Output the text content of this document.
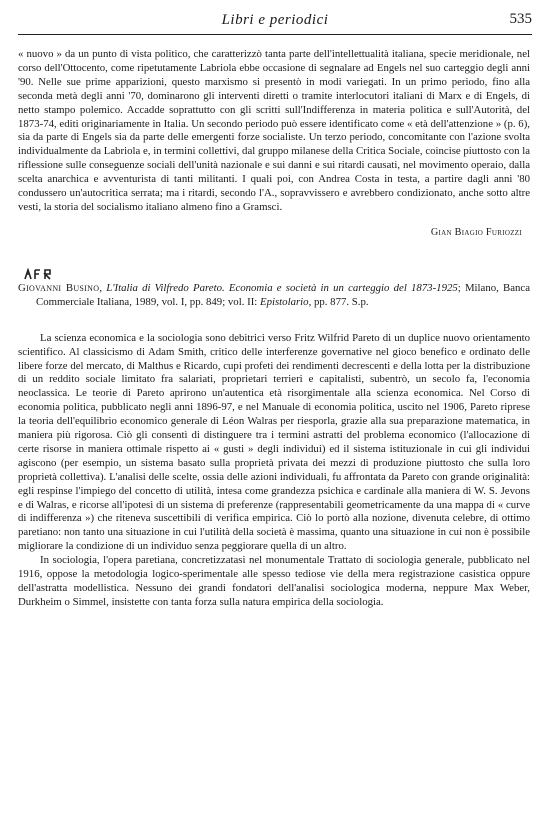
Libri e periodici	535

« nuovo » da un punto di vista politico, che caratterizzò tanta parte dell'intellettualità italiana, specie meridionale, nel corso dell'Ottocento, come ripetutamente Labriola ebbe occasione di segnalare ad Engels nel suo carteggio degli anni '90. Nelle sue prime apparizioni, questo marxismo si presentò in modi variegati. In un primo periodo, fino alla seconda metà degli anni '70, dominarono gli interventi diretti o tramite interlocutori italiani di Marx e di Engels, di netto stampo polemico. Accadde soprattutto con gli scritti sull'Indifferenza in materia politica e sull'Autorità, del 1873-74, editi originariamente in Italia. Un secondo periodo può essere identificato come « età dell'attenzione » (p. 6), sia da parte di Engels sia da parte delle emergenti forze socialiste. Un terzo periodo, concomitante con l'azione svolta individualmente da Labriola e, in termini collettivi, dal gruppo milanese della Critica Sociale, coincise piuttosto con la riflessione sulle conseguenze sociali dell'unità nazionale e sui danni e sui ritardi causati, nel movimento operaio, dalla scelta anarchica e avventurista di tanti militanti. I quali poi, con Andrea Costa in testa, a partire dagli anni '80 condussero un'autocritica serrata; ma i ritardi, secondo l'A., sopravvissero e avrebbero condizionato, anche sotto altre vesti, la storia del socialismo italiano almeno fino a Gramsci.

Gian Biagio Furiozzi

Giovanni Busino, L'Italia di Vilfredo Pareto. Economia e società in un carteggio del 1873-1925; Milano, Banca Commerciale Italiana, 1989, vol. I, pp. 849; vol. II: Epistolario, pp. 877. S.p.

La scienza economica e la sociologia sono debitrici verso Fritz Wilfrid Pareto di un duplice nuovo orientamento scientifico. Al classicismo di Adam Smith, critico delle interferenze governative nel gioco benefico e ordinato delle libere forze del mercato, di Malthus e Ricardo, cupi profeti dei rendimenti decrescenti e della lotta per la distribuzione di un reddito sociale limitato fra salariati, proprietari terrieri e capitalisti, subentrò, un secolo fa, l'economia neoclassica. Le teorie di Pareto aprirono un'autentica età risorgimentale alla scienza economica. Nel Corso di economia politica, pubblicato negli anni 1896-97, e nel Manuale di economia politica, uscito nel 1906, Pareto riprese la teoria dell'equilibrio economico generale di Léon Walras per riesporla, grazie alla sua preparazione matematica, in maniera più rigorosa. Ciò gli consentì di distinguere tra i termini astratti del problema economico (l'allocazione di certe risorse in maniera ottimale rispetto ai « gusti » degli individui) ed il sistema istituzionale in cui gli individui agiscono (per esempio, un sistema basato sulla proprietà privata dei mezzi di produzione piuttosto che sulla loro proprietà collettiva). L'analisi delle scelte, ossia delle azioni individuali, fu affrontata da Pareto con grande originalità: egli respinse l'impiego del concetto di utilità, intesa come grandezza psichica e cardinale alla maniera di W. S. Jevons e di Walras, e ricorse all'ipotesi di un sistema di preferenze (rappresentabili geometricamente da una mappa di « curve di indifferenza ») che riteneva suscettibili di verifica empirica. Ciò lo portò alla nozione, divenuta celebre, di ottimo paretiano: non tanto una situazione in cui l'utilità della società è massima, quanto una situazione in cui non è possibile migliorare la condizione di un individuo senza peggiorare quella di un altro.

In sociologia, l'opera paretiana, concretizzatasi nel monumentale Trattato di sociologia generale, pubblicato nel 1916, oppose la metodologia logico-sperimentale alle spesso tediose vie della mera registrazione casistica oppure dell'astratta modellistica. Nessuno dei grandi fondatori dell'analisi sociologica moderna, neppure Max Weber, Durkheim o Simmel, insistette con tanta forza sulla natura empirica della sociologia.
